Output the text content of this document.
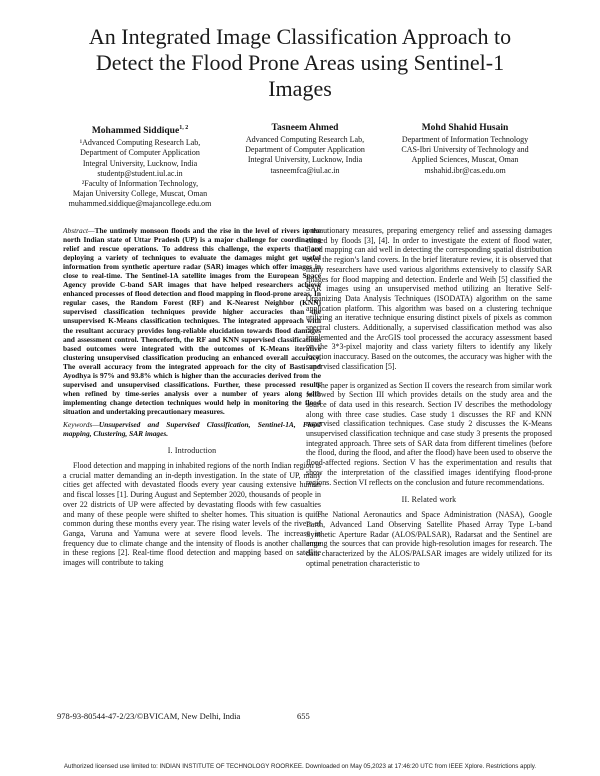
An Integrated Image Classification Approach to
Detect the Flood Prone Areas using Sentinel-1
Images
Mohammed Siddique$^{1, 2}$
¹Advanced Computing Research Lab,
Department of Computer Application
Integral University, Lucknow, India
studentp@student.iul.ac.in
²Faculty of Information Technology,
Majan University College, Muscat, Oman
muhammed.siddique@majancollege.edu.om
Tasneem Ahmed
Advanced Computing Research Lab,
Department of Computer Application
Integral University, Lucknow, India
tasneemfca@iul.ac.in
Mohd Shahid Husain
Department of Information Technology
CAS-Ibri University of Technology and
Applied Sciences, Muscat, Oman
mshahid.ibr@cas.edu.om

Abstract—The untimely monsoon floods and the rise in the level of rivers in the north Indian state of Uttar Pradesh (UP) is a major challenge for coordinating relief and rescue operations. To address this challenge, the experts that are deploying a variety of techniques to evaluate the damages might get useful information from synthetic aperture radar (SAR) images which offer images in close to real-time. The Sentinel-1A satellite images from the European Space Agency provide C-band SAR images that have helped researchers achieve enhanced processes of flood detection and flood mapping in flood-prone areas. In regular cases, the Random Forest (RF) and K-Nearest Neighbor (KNN) supervised classification techniques provide higher accuracies than the unsupervised K-Means classification techniques. The integrated approach with the resultant accuracy provides long-reliable elucidation towards flood damages and assessment control. Thenceforth, the RF and KNN supervised classifications based outcomes were integrated with the outcomes of K-Means iterative clustering unsupervised classification producing an enhanced overall accuracy. The overall accuracy from the integrated approach for the city of Basti and Ayodhya is 97% and 93.8% which is higher than the accuracies derived from the supervised and unsupervised classifications. Further, these processed results when refined by time-series analysis over a number of years along with implementing change detection techniques would help in monitoring the flood situation and undertaking precautionary measures.

Keywords—Unsupervised and Supervised Classification, Sentinel-1A, Flood mapping, Clustering, SAR images.

I. Introduction

Flood detection and mapping in inhabited regions of the north Indian region is a crucial matter demanding an in-depth investigation. In the state of UP, many cities get affected with devastated floods every year causing extensive human and fiscal losses [1]. During August and September 2020, thousands of people in over 22 districts of UP were affected by devastating floods with few casualties and many of these people were shifted to shelter homes. This situation is quite common during these months every year. The rising water levels of the rivers of Ganga, Varuna and Yamuna were at severe flood levels. The increase in frequency due to climate change and the intensity of floods is another challenge in these regions [2]. Real-time flood detection and mapping based on satellite images will contribute to taking

precautionary measures, preparing emergency relief and assessing damages caused by floods [3], [4]. In order to investigate the extent of flood water, flood mapping can aid well in detecting the corresponding spatial distribution over the region’s land covers. In the brief literature review, it is observed that many researchers have used various algorithms extensively to classify SAR images for flood mapping and detection. Enderle and Weih [5] classified the SAR images using an unsupervised method utilizing an Iterative Self-Organizing Data Analysis Techniques (ISODATA) algorithm on the same application platform. This algorithm was based on a clustering technique utilizing an iterative technique ensuring distinct pixels of pixels as common spectral clusters. Additionally, a supervised classification method was also implemented and the ArcGIS tool processed the accuracy assessment based on the 3*3-pixel majority and class variety filters to identify any likely location inaccuracy. Based on the outcomes, the accuracy was higher with the supervised classification [5].

The paper is organized as Section II covers the research from similar work followed by Section III which provides details on the study area and the source of data used in this research. Section IV describes the methodology along with three case studies. Case study 1 discusses the RF and KNN supervised classification techniques. Case study 2 discusses the K-Means unsupervised classification technique and case study 3 presents the proposed integrated approach. Three sets of SAR data from different timelines (before the flood, during the flood, and after the flood) have been used to observe the flood-affected regions. Section V has the experimentation and results that show the interpretation of the classified images identifying flood-prone regions. Section VI reflects on the conclusion and future recommendations.

II. Related work

The National Aeronautics and Space Administration (NASA), Google Earth, Advanced Land Observing Satellite Phased Array Type L-band Synthetic Aperture Radar (ALOS/PALSAR), Radarsat and the Sentinel are among the sources that can provide high-resolution images for research. The data characterized by the ALOS/PALSAR images are widely utilized for its optimal penetration characteristic to

978-93-80544-47-2/23/©BVICAM, New Delhi, India	655
Authorized licensed use limited to: INDIAN INSTITUTE OF TECHNOLOGY ROORKEE. Downloaded on May 05,2023 at 17:46:20 UTC from IEEE Xplore. Restrictions apply.
